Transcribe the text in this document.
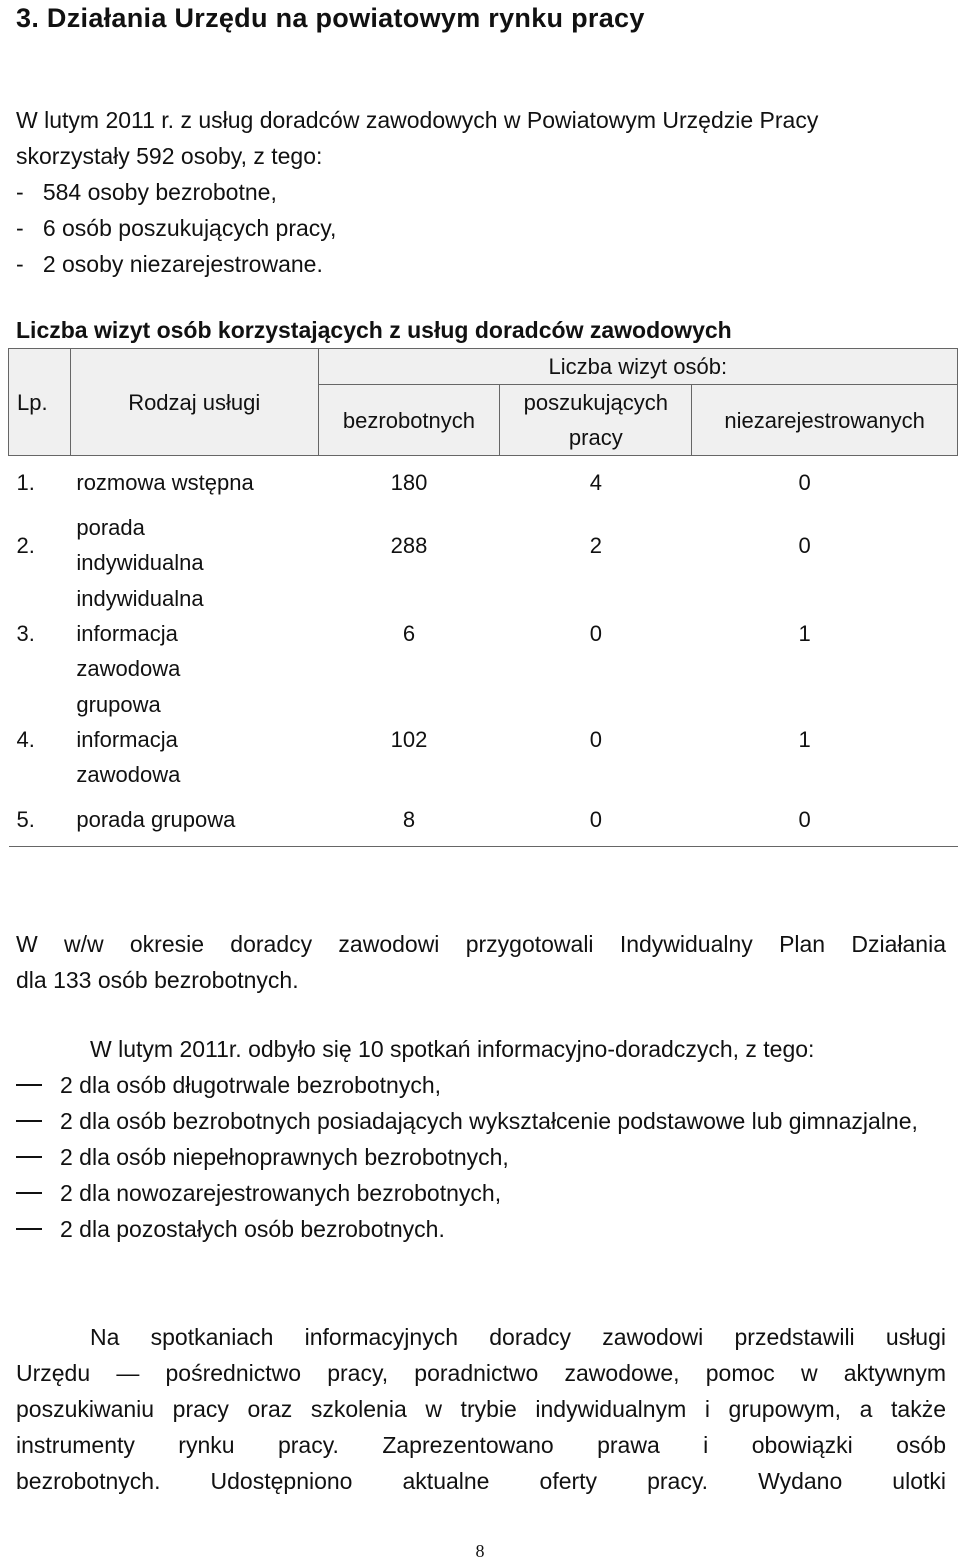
3. Działania Urzędu na powiatowym rynku pracy
W lutym 2011 r. z usług doradców zawodowych w Powiatowym Urzędzie Pracy
skorzystały 592 osoby, z tego:
-   584 osoby bezrobotne,
-   6 osób poszukujących pracy,
-   2 osoby niezarejestrowane.
Liczba wizyt osób korzystających z usług doradców zawodowych
Lp.	Rodzaj usługi	Liczba wizyt osób:		
		bezrobotnych	poszukujących pracy	niezarejestrowanych
1.	rozmowa wstępna	180	4	0
2.	porada indywidualna	288	2	0
3.	indywidualna informacja zawodowa	6	0	1
4.	grupowa informacja zawodowa	102	0	1
5.	porada grupowa	8	0	0
W w/w okresie doradcy zawodowi przygotowali Indywidualny Plan Działania
dla 133 osób bezrobotnych.
W lutym 2011r. odbyło się 10 spotkań informacyjno-doradczych, z tego:
2 dla osób długotrwale bezrobotnych,
2 dla osób bezrobotnych posiadających wykształcenie podstawowe lub gimnazjalne,
2 dla osób niepełnoprawnych bezrobotnych,
2 dla nowozarejestrowanych bezrobotnych,
2 dla pozostałych osób bezrobotnych.
Na spotkaniach informacyjnych doradcy zawodowi przedstawili usługi
Urzędu ― pośrednictwo pracy, poradnictwo zawodowe, pomoc w aktywnym
poszukiwaniu pracy oraz szkolenia w trybie indywidualnym i grupowym, a także
instrumenty rynku pracy. Zaprezentowano prawa i obowiązki osób
bezrobotnych. Udostępniono aktualne oferty pracy. Wydano ulotki
8
